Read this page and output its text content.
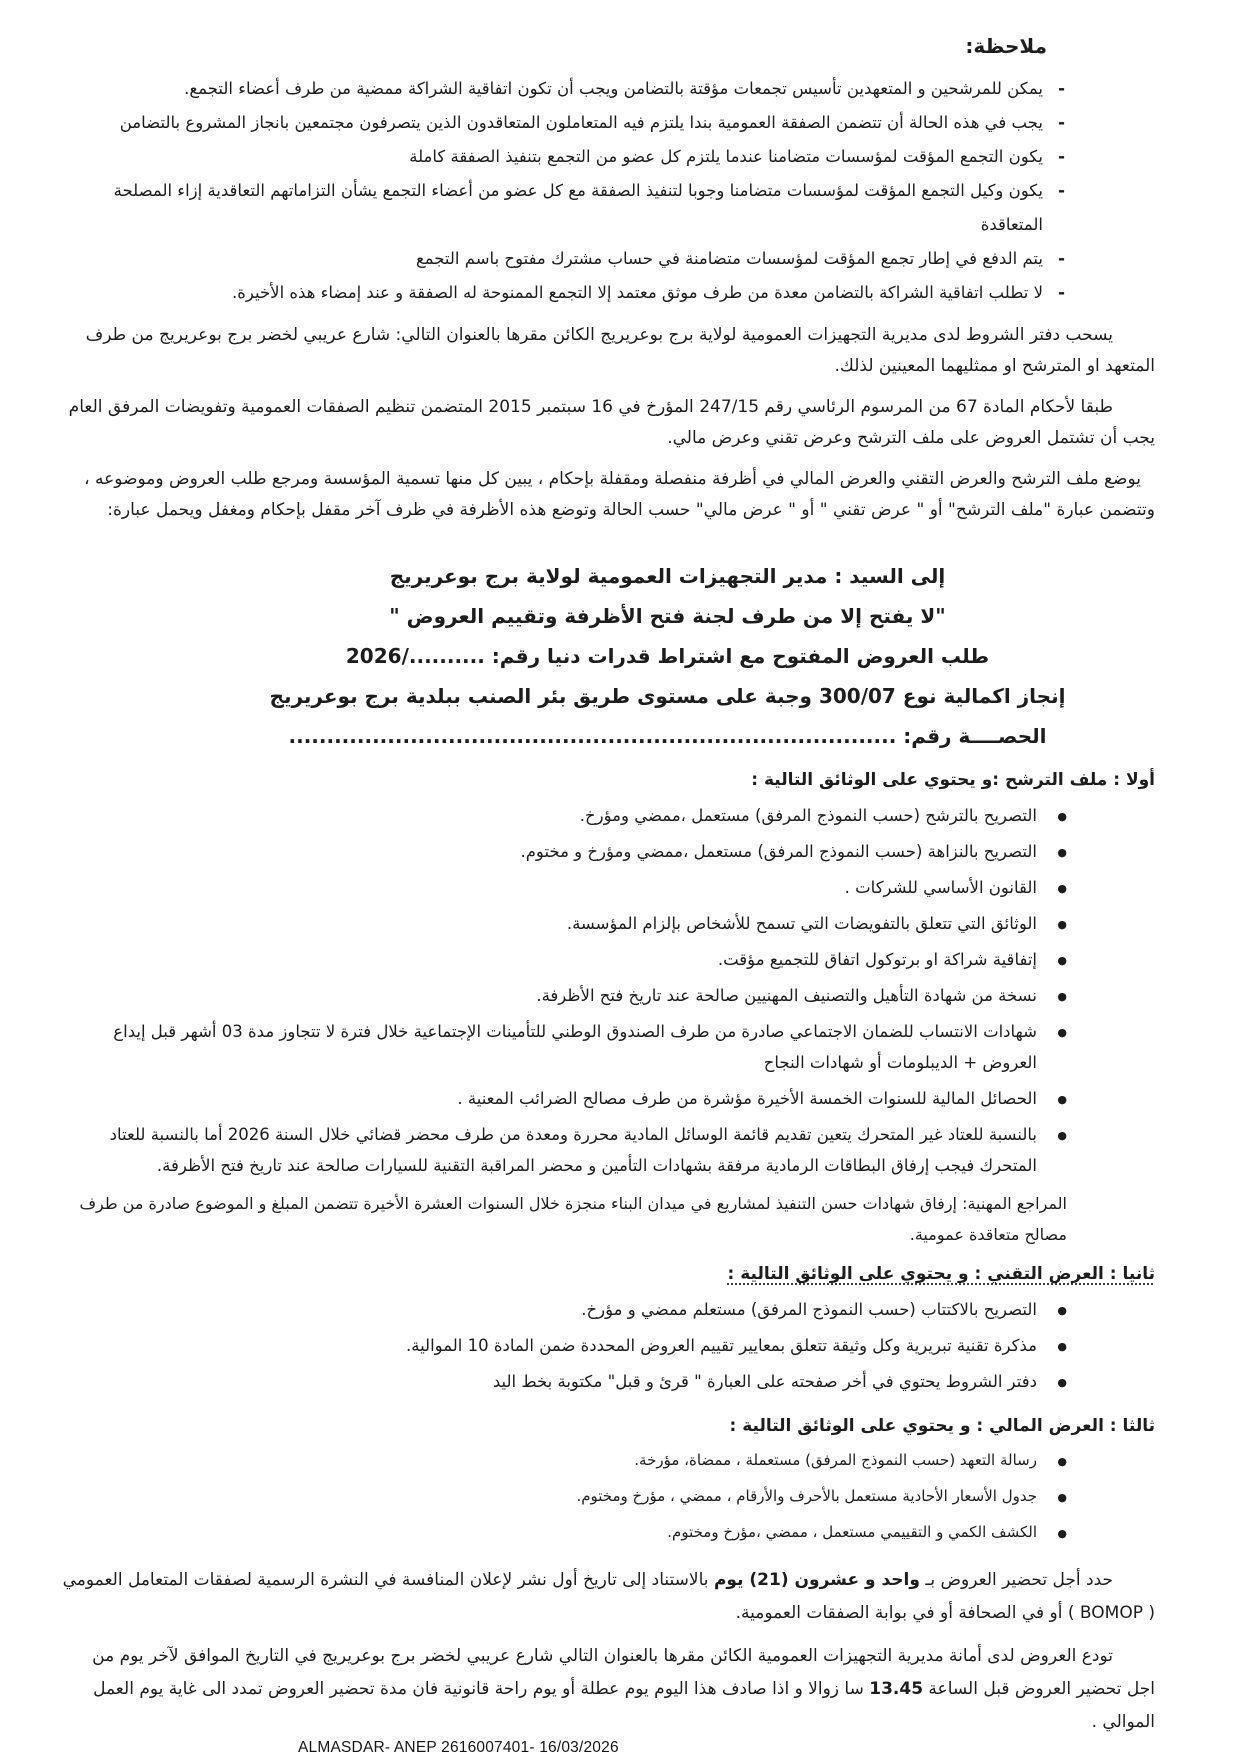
ملاحظة:
- يمكن للمرشحين و المتعهدين تأسيس تجمعات مؤقتة بالتضامن ويجب أن تكون اتفاقية الشراكة ممضية من طرف أعضاء التجمع.
- يجب في هذه الحالة أن تتضمن الصفقة العمومية بندا يلتزم فيه المتعاملون المتعاقدون الذين يتصرفون مجتمعين بانجاز المشروع بالتضامن
- يكون التجمع المؤقت لمؤسسات متضامنا عندما يلتزم كل عضو من التجمع بتنفيذ الصفقة كاملة
- يكون وكيل التجمع المؤقت لمؤسسات متضامنا وجوبا لتنفيذ الصفقة مع كل عضو من أعضاء التجمع يشأن التزاماتهم التعاقدية إزاء المصلحة المتعاقدة
- يتم الدفع في إطار تجمع المؤقت لمؤسسات متضامنة في حساب مشترك مفتوح باسم التجمع
- لا تطلب اتفاقية الشراكة بالتضامن معدة من طرف موثق معتمد إلا التجمع الممنوحة له الصفقة و عند إمضاء هذه الأخيرة.

يسحب دفتر الشروط لدى مديرية التجهيزات العمومية لولاية برج بوعريريج الكائن مقرها بالعنوان التالي: شارع عريبي لخضر برج بوعريريج من طرف المتعهد او المترشح او ممثليهما المعينين لذلك.

طبقا لأحكام المادة 67 من المرسوم الرئاسي رقم 247/15 المؤرخ في 16 سبتمبر 2015 المتضمن تنظيم الصفقات العمومية وتفويضات المرفق العام يجب أن تشتمل العروض على ملف الترشح وعرض تقني وعرض مالي.

يوضع ملف الترشح والعرض التقني والعرض المالي في أظرفة منفصلة ومقفلة بإحكام ، يبين كل منها تسمية المؤسسة ومرجع طلب العروض وموضوعه ، وتتضمن عبارة "ملف الترشح" أو " عرض تقني " أو " عرض مالي" حسب الحالة وتوضع هذه الأظرفة في ظرف آخر مقفل بإحكام ومغفل ويحمل عبارة:

إلى السيد : مدير التجهيزات العمومية لولاية برج بوعريريج
"لا يفتح إلا من طرف لجنة فتح الأظرفة وتقييم العروض "
طلب العروض المفتوح مع اشتراط قدرات دنيا رقم: ........../2026
إنجاز اكمالية نوع 300/07 وجبة على مستوى طريق بئر الصنب ببلدية برج بوعريريج
الحصــــة رقم: ................................................................................
أولا : ملف الترشح :و يحتوي على الوثائق التالية :
● التصريح بالترشح (حسب النموذج المرفق) مستعمل ،ممضي ومؤرخ.
● التصريح بالنزاهة (حسب النموذج المرفق) مستعمل ،ممضي ومؤرخ و مختوم.
● القانون الأساسي للشركات .
● الوثائق التي تتعلق بالتفويضات التي تسمح للأشخاص بإلزام المؤسسة.
● إتفاقية شراكة او برتوكول اتفاق للتجميع مؤقت.
● نسخة من شهادة التأهيل والتصنيف المهنيين صالحة عند تاريخ فتح الأظرفة.
● شهادات الانتساب للضمان الاجتماعي صادرة من طرف الصندوق الوطني للتأمينات الإجتماعية خلال فترة لا تتجاوز مدة 03 أشهر قبل إيداع العروض + الديبلومات أو شهادات النجاح
● الحصائل المالية للسنوات الخمسة الأخيرة مؤشرة من طرف مصالح الضرائب المعنية .
● بالنسبة للعتاد غير المتحرك يتعين تقديم قائمة الوسائل المادية محررة ومعدة من طرف محضر قضائي خلال السنة 2026 أما بالنسبة للعتاد المتحرك فيجب إرفاق البطاقات الرمادية مرفقة بشهادات التأمين و محضر المراقبة التقنية للسيارات صالحة عند تاريخ فتح الأظرفة.

المراجع المهنية: إرفاق شهادات حسن التنفيذ لمشاريع في ميدان البناء منجزة خلال السنوات العشرة الأخيرة تتضمن المبلغ و الموضوع صادرة من طرف مصالح متعاقدة عمومية.

ثانيا : العرض التقني : و يحتوي على الوثائق التالية :
● التصريح بالاكتتاب (حسب النموذج المرفق) مستعلم ممضي و مؤرخ.
● مذكرة تقنية تبريرية وكل وثيقة تتعلق بمعايير تقييم العروض المحددة ضمن المادة 10 الموالية.
● دفتر الشروط يحتوي في أخر صفحته على العبارة " قرئ و قبل" مكتوبة بخط اليد
ثالثا : العرض المالي : و يحتوي على الوثائق التالية :
● رسالة التعهد (حسب النموذج المرفق) مستعملة ، ممضاة، مؤرخة.
● جدول الأسعار الأحادية مستعمل بالأحرف والأرقام ، ممضي ، مؤرخ ومختوم.
● الكشف الكمي و التقييمي مستعمل ، ممضي ،مؤرخ ومختوم.

حدد أجل تحضير العروض بـ واحد و عشرون (21) يوم بالاستناد إلى تاريخ أول نشر لإعلان المنافسة في النشرة الرسمية لصفقات المتعامل العمومي ( BOMOP ) أو في الصحافة أو في بوابة الصفقات العمومية.

تودع العروض لدى أمانة مديرية التجهيزات العمومية الكائن مقرها بالعنوان التالي شارع عريبي لخضر برج بوعريريج في التاريخ الموافق لآخر يوم من اجل تحضير العروض قبل الساعة 13.45 سا زوالا و اذا صادف هذا اليوم يوم عطلة أو يوم راحة قانونية فان مدة تحضير العروض تمدد الى غاية يوم العمل الموالي .

ALMASDAR- ANEP 2616007401- 16/03/2026
